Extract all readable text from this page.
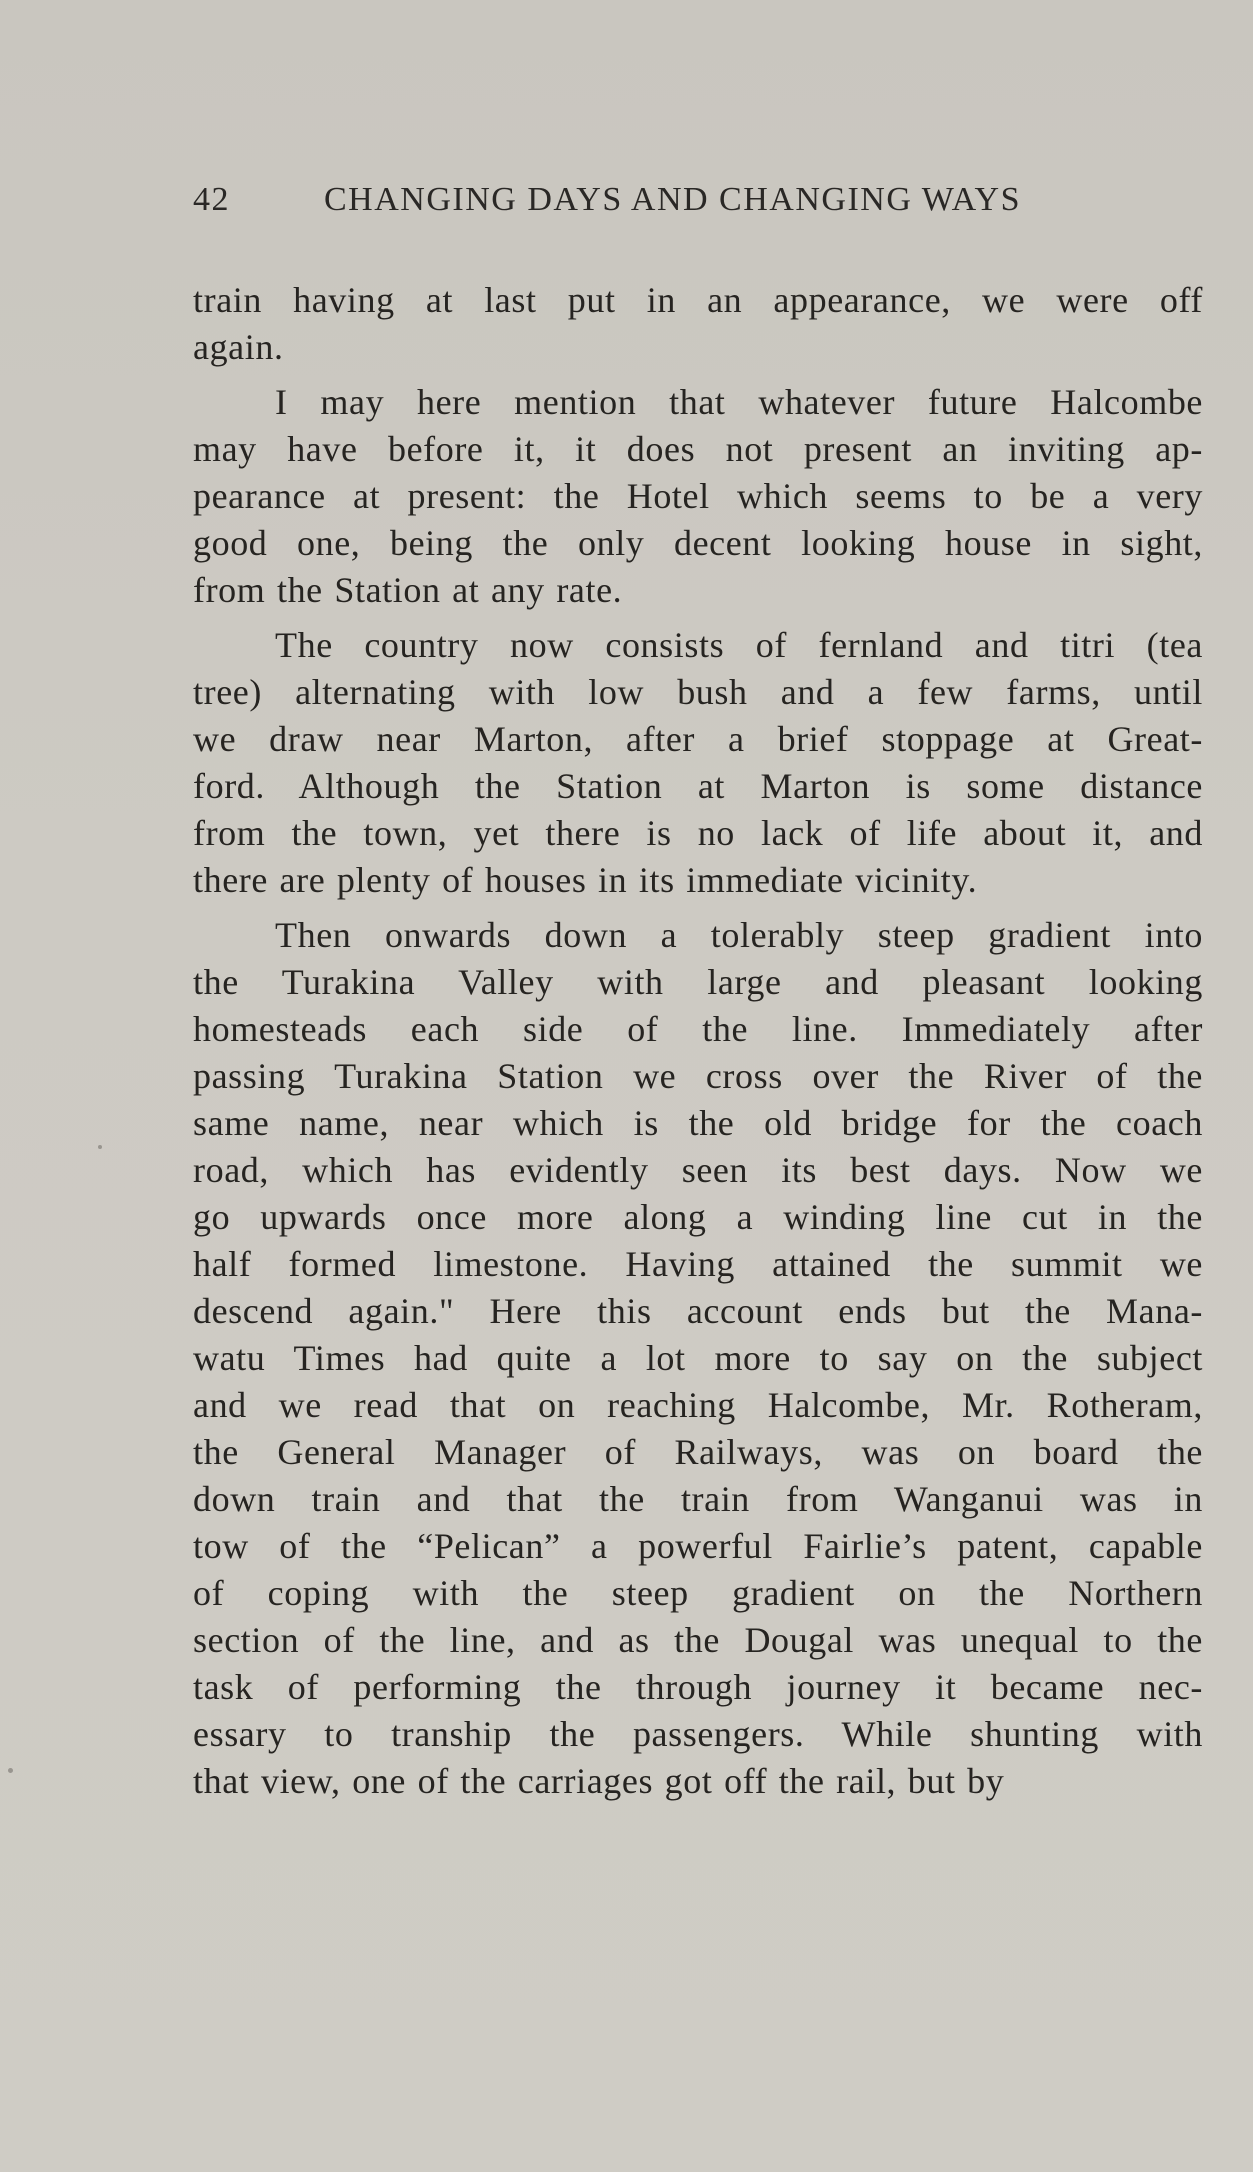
42	CHANGING DAYS AND CHANGING WAYS
train having at last put in an appearance, we were off
again.
I may here mention that whatever future Halcombe
may have before it, it does not present an inviting ap-
pearance at present: the Hotel which seems to be a very
good one, being the only decent looking house in sight,
from the Station at any rate.
The country now consists of fernland and titri (tea
tree) alternating with low bush and a few farms, until
we draw near Marton, after a brief stoppage at Great-
ford. Although the Station at Marton is some distance
from the town, yet there is no lack of life about it, and
there are plenty of houses in its immediate vicinity.
Then onwards down a tolerably steep gradient into
the Turakina Valley with large and pleasant looking
homesteads each side of the line. Immediately after
passing Turakina Station we cross over the River of the
same name, near which is the old bridge for the coach
road, which has evidently seen its best days. Now we
go upwards once more along a winding line cut in the
half formed limestone. Having attained the summit we
descend again." Here this account ends but the Mana-
watu Times had quite a lot more to say on the subject
and we read that on reaching Halcombe, Mr. Rotheram,
the General Manager of Railways, was on board the
down train and that the train from Wanganui was in
tow of the “Pelican” a powerful Fairlie’s patent, capable
of coping with the steep gradient on the Northern
section of the line, and as the Dougal was unequal to the
task of performing the through journey it became nec-
essary to tranship the passengers. While shunting with
that view, one of the carriages got off the rail, but by
